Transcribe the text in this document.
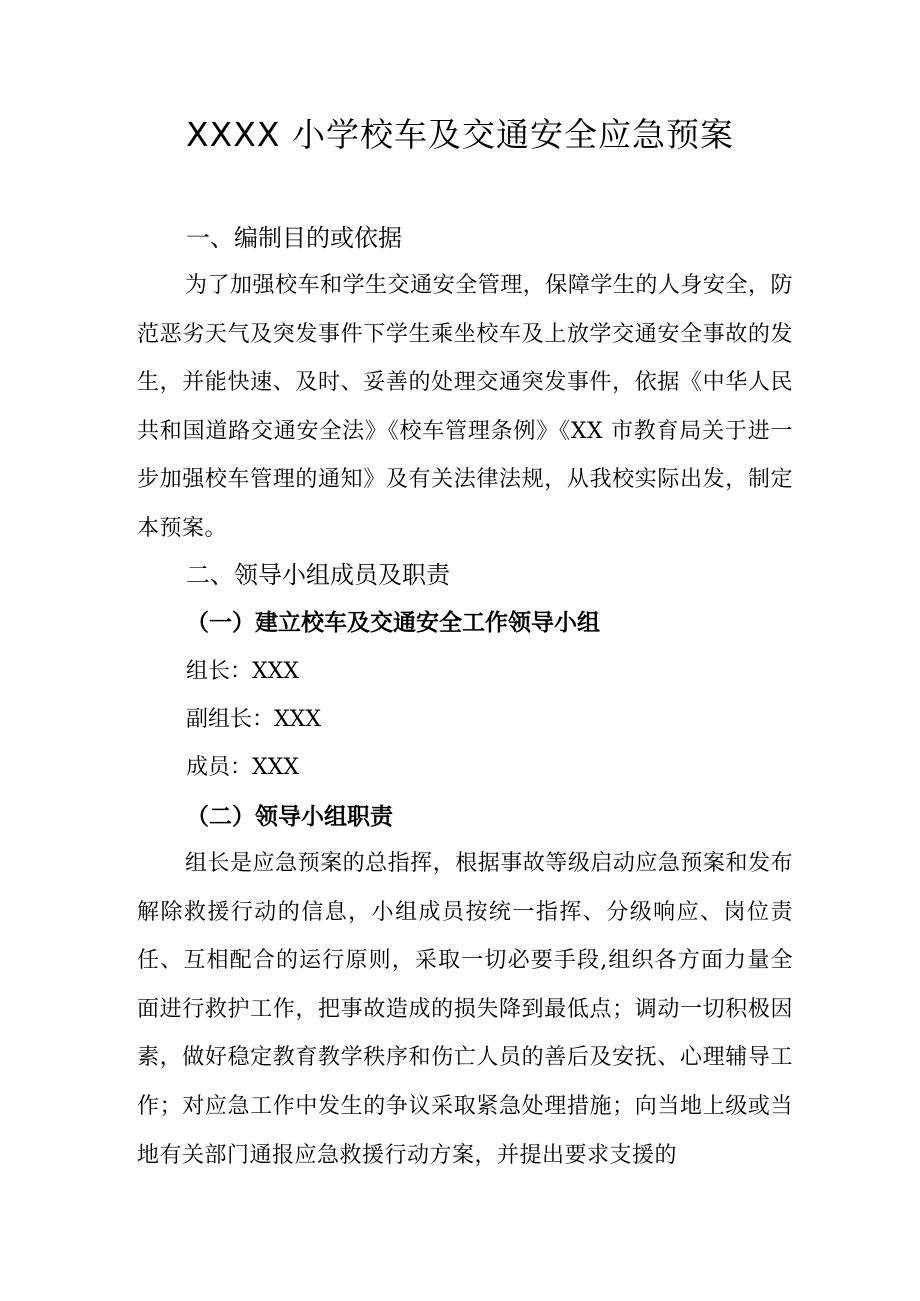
XXXX 小学校车及交通安全应急预案
一、编制目的或依据

为了加强校车和学生交通安全管理，保障学生的人身安全，防范恶劣天气及突发事件下学生乘坐校车及上放学交通安全事故的发生，并能快速、及时、妥善的处理交通突发事件，依据《中华人民共和国道路交通安全法》《校车管理条例》《XX 市教育局关于进一步加强校车管理的通知》及有关法律法规，从我校实际出发，制定本预案。

二、领导小组成员及职责
（一）建立校车及交通安全工作领导小组
组长：XXX
副组长：XXX
成员：XXX
（二）领导小组职责

组长是应急预案的总指挥，根据事故等级启动应急预案和发布解除救援行动的信息，小组成员按统一指挥、分级响应、岗位责任、互相配合的运行原则，采取一切必要手段,组织各方面力量全面进行救护工作，把事故造成的损失降到最低点；调动一切积极因素，做好稳定教育教学秩序和伤亡人员的善后及安抚、心理辅导工作；对应急工作中发生的争议采取紧急处理措施；向当地上级或当地有关部门通报应急救援行动方案，并提出要求支援的
